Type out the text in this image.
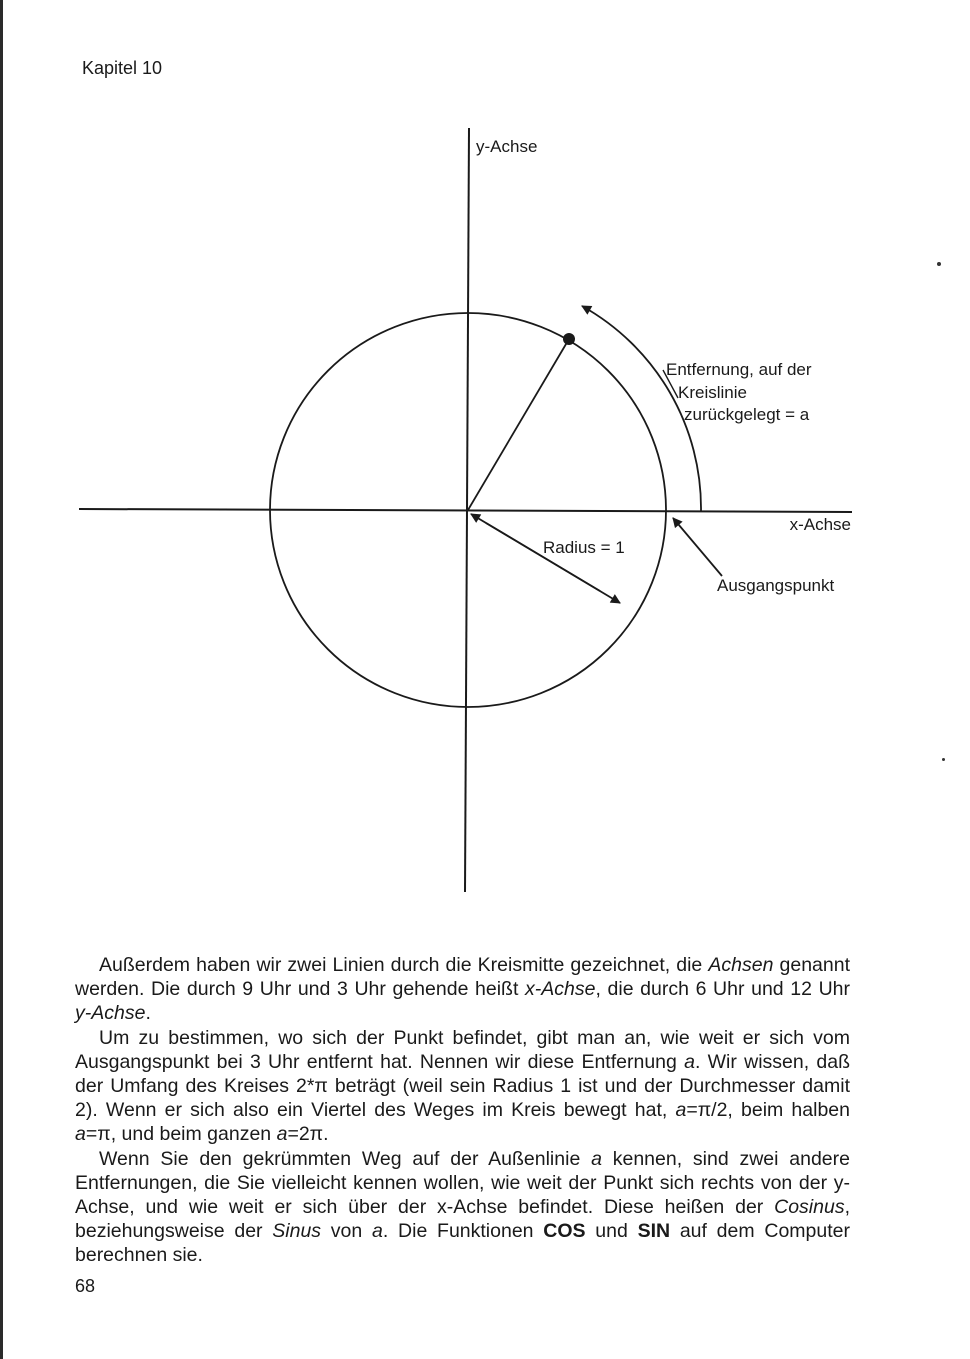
Kapitel 10
y-Achse
x-Achse
Entfernung, auf der
Kreislinie
zurückgelegt = a
Radius = 1
Ausgangspunkt

Außerdem haben wir zwei Linien durch die Kreismitte gezeichnet, die Achsen genannt werden. Die durch 9 Uhr und 3 Uhr gehende heißt x-Achse, die durch 6 Uhr und 12 Uhr y-Achse.

Um zu bestimmen, wo sich der Punkt befindet, gibt man an, wie weit er sich vom Ausgangspunkt bei 3 Uhr entfernt hat. Nennen wir diese Entfernung a. Wir wissen, daß der Umfang des Kreises 2*π beträgt (weil sein Radius 1 ist und der Durchmesser damit 2). Wenn er sich also ein Viertel des Weges im Kreis bewegt hat, a=π/2, beim halben a=π, und beim ganzen a=2π.

Wenn Sie den gekrümmten Weg auf der Außenlinie a kennen, sind zwei andere Entfernungen, die Sie vielleicht kennen wollen, wie weit der Punkt sich rechts von der y-Achse, und wie weit er sich über der x-Achse befindet. Diese heißen der Cosinus, beziehungsweise der Sinus von a. Die Funktionen COS und SIN auf dem Computer berechnen sie.

68
